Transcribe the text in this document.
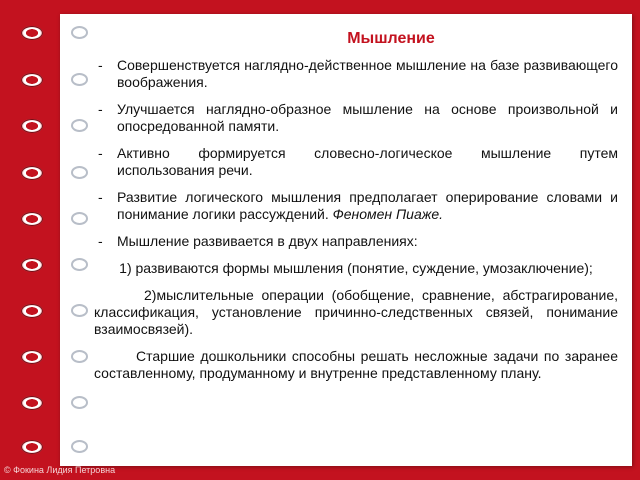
Мышление
- Совершенствуется наглядно-действенное мышление на базе развивающего воображения.
- Улучшается наглядно-образное мышление на основе произвольной и опосредованной памяти.
- Активно формируется словесно-логическое мышление путем использования речи.
- Развитие логического мышления предполагает оперирование словами и пониманиe логики рассуждений. Феномен Пиаже.
- Мышление развивается в двух направлениях:
1) развиваются формы мышления (понятие, суждение, умозаключение);
2)мыслительные операции (обобщение, сравнение, абстрагирование, классификация, установление причинно-следственных связей, понимание взаимосвязей).
Старшие дошкольники способны решать несложные задачи по заранее составленному, продуманному и внутренне представленному плану.
© Фокина Лидия Петровна
